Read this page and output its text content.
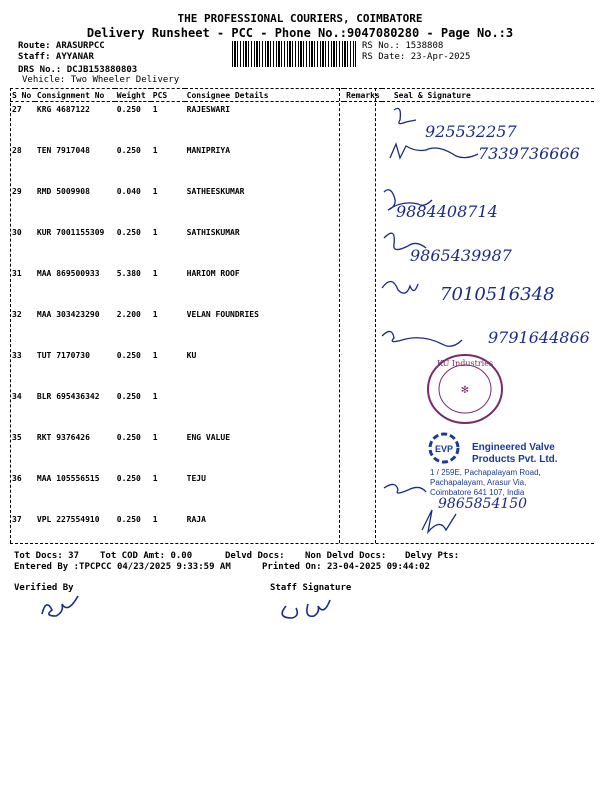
THE PROFESSIONAL COURIERS, COIMBATORE
Delivery Runsheet - PCC - Phone No.:9047080280 - Page No.:3
Route: ARASURPCC
Staff: AYYANAR
DRS No.: DCJB153880803
Vehicle: Two Wheeler Delivery
RS No.: 1538808
RS Date: 23-Apr-2025
S No	Consignment No	Weight	PCS	Consignee Details	Remarks	Seal & Signature
27	KRG 4687122	0.250	1	RAJESWARI		
28	TEN 7917048	0.250	1	MANIPRIYA		
29	RMD 5009908	0.040	1	SATHEESKUMAR		
30	KUR 7001155309	0.250	1	SATHISKUMAR		
31	MAA 869500933	5.380	1	HARIOM ROOF		
32	MAA 303423290	2.200	1	VELAN FOUNDRIES		
33	TUT 7170730	0.250	1	KU		
34	BLR 695436342	0.250	1			
35	RKT 9376426	0.250	1	ENG VALUE		
36	MAA 105556515	0.250	1	TEJU		
37	VPL 227554910	0.250	1	RAJA		
925532257
7339736666
9884408714
9865439987
7010516348
9791644866
9865854150
KU Industries
✻
EVP Engineered Valve
Products Pvt. Ltd.
1 / 259E, Pachapalayam Road,
Pachapalayam, Arasur Via,
Coimbatore 641 107, India
Tot Docs: 37 Tot COD Amt: 0.00	Delvd Docs: Non Delvd Docs: Delvy Pts:
Entered By :TPCPCC 04/23/2025 9:33:59 AM	Printed On: 23-04-2025 09:44:02
Verified By	Staff Signature
